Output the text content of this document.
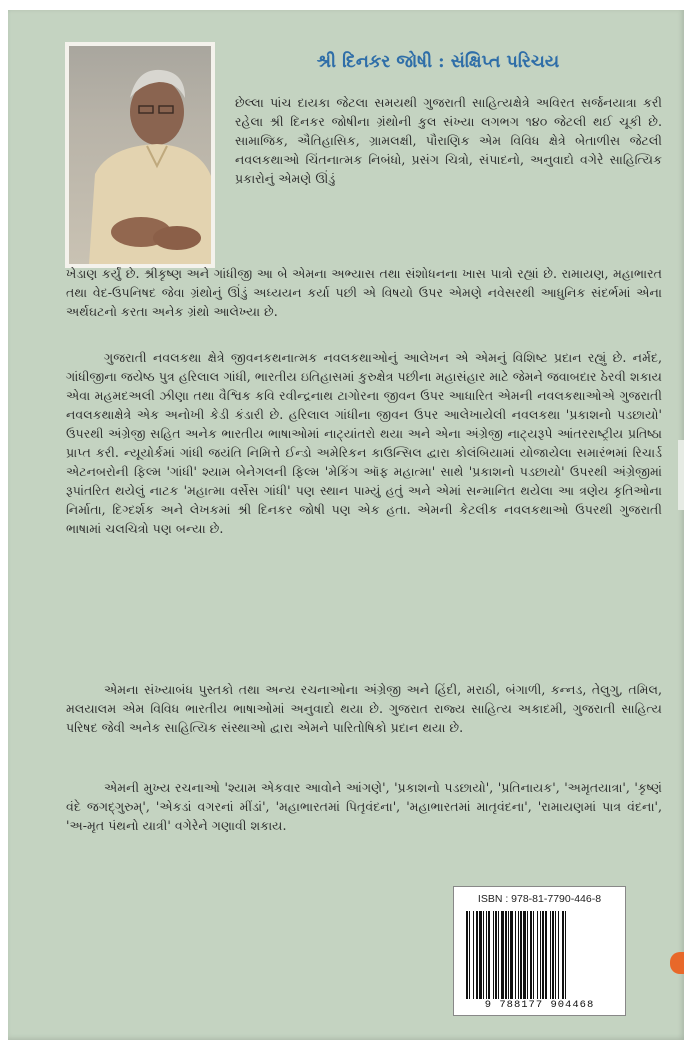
શ્રી દિનકર જોષી : સંક્ષિપ્ત પરિચય

છેલ્લા પાંચ દાયકા જેટલા સમયથી ગુજરાતી સાહિત્યક્ષેત્રે અવિરત સર્જનયાત્રા કરી રહેલા શ્રી દિનકર જોષીના ગ્રંથોની કુલ સંખ્યા લગભગ ૧૪૦ જેટલી થઈ ચૂકી છે. સામાજિક, ઐતિહાસિક, ગ્રામલક્ષી, પૌરાણિક એમ વિવિધ ક્ષેત્રે બેતાળીસ જેટલી નવલકથાઓ ચિંતનાત્મક નિબંધો, પ્રસંગ ચિત્રો, સંપાદનો, અનુવાદો વગેરે સાહિત્યિક પ્રકારોનું એમણે ઊંડું

ખેડાણ કર્યું છે. શ્રીકૃષ્ણ અને ગાંધીજી આ બે એમના અભ્યાસ તથા સંશોધનના ખાસ પાત્રો રહ્યાં છે. રામાયણ, મહાભારત તથા વેદ-ઉપનિષદ જેવા ગ્રંથોનું ઊંડું અધ્યયન કર્યા પછી એ વિષયો ઉપર એમણે નવેસરથી આધુનિક સંદર્ભમાં એના અર્થઘટનો કરતા અનેક ગ્રંથો આલેખ્યા છે.

ગુજરાતી નવલકથા ક્ષેત્રે જીવનકથનાત્મક નવલકથાઓનું આલેખન એ એમનું વિશિષ્ટ પ્રદાન રહ્યું છે. નર્મદ, ગાંધીજીના જયેષ્ઠ પુત્ર હરિલાલ ગાંધી, ભારતીય ઇતિહાસમાં કુરુક્ષેત્ર પછીના મહાસંહાર માટે જેમને જવાબદાર ઠેરવી શકાય એવા મહમદઅલી ઝીણા તથા વૈશ્વિક કવિ રવીન્દ્રનાથ ટાગોરના જીવન ઉપર આધારિત એમની નવલકથાઓએ ગુજરાતી નવલકથાક્ષેત્રે એક અનોખી કેડી કંડારી છે. હરિલાલ ગાંધીના જીવન ઉપર આલેખાયેલી નવલકથા 'પ્રકાશનો પડછાયો' ઉપરથી અંગ્રેજી સહિત અનેક ભારતીય ભાષાઓમાં નાટ્યાંતરો થયા અને એના અંગ્રેજી નાટ્યરૂપે આંતરરાષ્ટ્રીય પ્રતિષ્ઠા પ્રાપ્ત કરી. ન્યૂયોર્કમાં ગાંધી જયંતિ નિમિત્તે ઈન્ડો અમેરિકન કાઉન્સિલ દ્વારા કોલંબિયામાં યોજાયેલા સમારંભમાં રિચાર્ડ એટનબરોની ફિલ્મ 'ગાંધી' શ્યામ બેનેગલની ફિલ્મ 'મેકિંગ ઑફ મહાત્મા' સાથે 'પ્રકાશનો પડછાયો' ઉપરથી અંગ્રેજીમાં રૂપાંતરિત થયેલું નાટક 'મહાત્મા વર્સેસ ગાંધી' પણ સ્થાન પામ્યું હતું અને એમાં સન્માનિત થયેલા આ ત્રણેય કૃતિઓના નિર્માતા, દિગ્દર્શક અને લેખકમાં શ્રી દિનકર જોષી પણ એક હતા. એમની કેટલીક નવલકથાઓ ઉપરથી ગુજરાતી ભાષામાં ચલચિત્રો પણ બન્યા છે.

એમના સંખ્યાબંધ પુસ્તકો તથા અન્ય રચનાઓના અંગ્રેજી અને હિંદી, મરાઠી, બંગાળી, કન્નડ, તેલુગુ, તમિલ, મલયાલમ એમ વિવિધ ભારતીય ભાષાઓમાં અનુવાદો થયા છે. ગુજરાત રાજ્ય સાહિત્ય અકાદમી, ગુજરાતી સાહિત્ય પરિષદ જેવી અનેક સાહિત્યિક સંસ્થાઓ દ્વારા એમને પારિતોષિકો પ્રદાન થયા છે.

એમની મુખ્ય રચનાઓ 'શ્યામ એકવાર આવોને આંગણે', 'પ્રકાશનો પડછાયો', 'પ્રતિનાયક', 'અમૃતયાત્રા', 'કૃષ્ણં વંદે જગદ્ગુરુમ્', 'એકડાં વગરનાં મીંડાં', 'મહાભારતમાં પિતૃવંદના', 'મહાભારતમાં માતૃવંદના', 'રામાયણમાં પાત્ર વંદના', 'અ-મૃત પંથનો યાત્રી' વગેરેને ગણાવી શકાય.

ISBN : 978-81-7790-446-8
9 788177 904468
